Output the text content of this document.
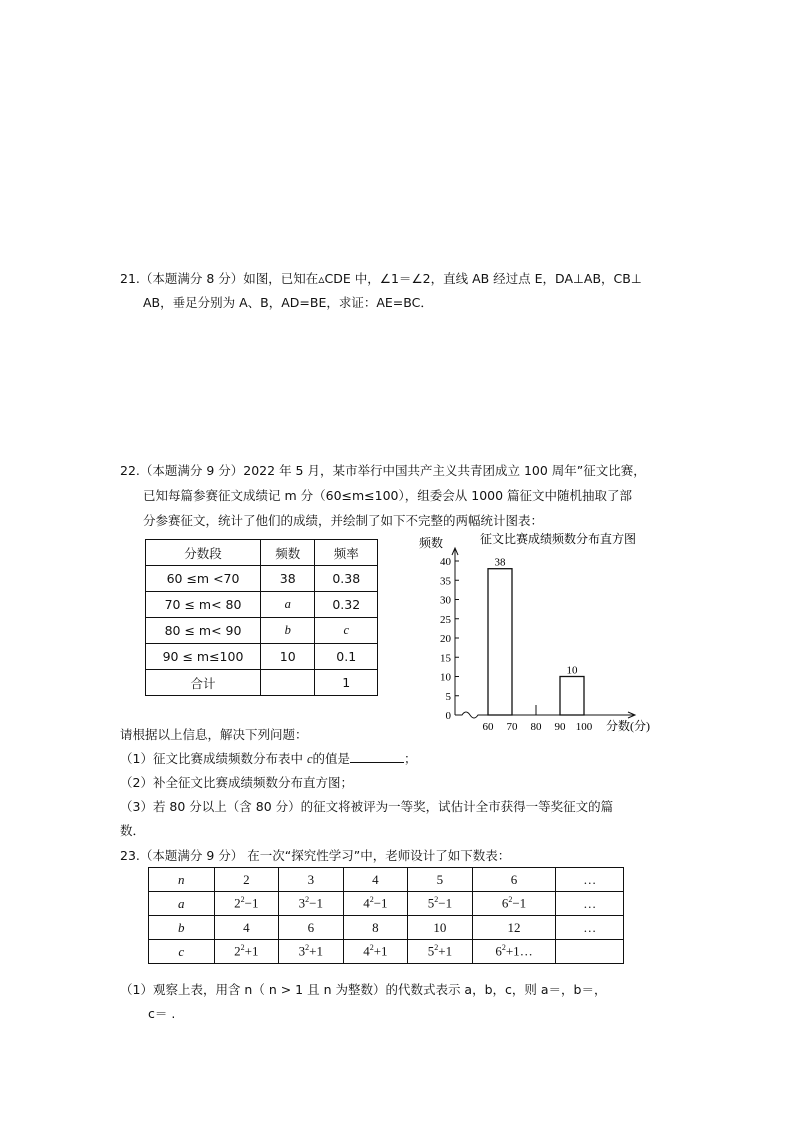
21.（本题满分 8 分）如图，已知在▵CDE 中，∠1＝∠2，直线 AB 经过点 E，DA⊥AB，CB⊥
AB，垂足分别为 A、B，AD=BE，求证：AE=BC．
22.（本题满分 9 分）2022 年 5 月，某市举行中国共产主义共青团成立 100 周年”征文比赛，
已知每篇参赛征文成绩记 m 分（60≤m≤100），组委会从 1000 篇征文中随机抽取了部
分参赛征文，统计了他们的成绩，并绘制了如下不完整的两幅统计图表：
分数段	频数	频率
60 ≤m <70	38	0.38
70 ≤ m< 80	a	0.32
80 ≤ m< 90	b	c
90 ≤ m≤100	10	0.1
合计		1
征文比赛成绩频数分布直方图
频数
分数(分)
0
5
10
15
20
25
30
35
40
60 70 80 90 100
38
10
请根据以上信息，解决下列问题：
（1）征文比赛成绩频数分布表中 c的值是	；
（2）补全征文比赛成绩频数分布直方图；
（3）若 80 分以上（含 80 分）的征文将被评为一等奖，试估计全市获得一等奖征文的篇
数．
23.（本题满分 9 分） 在一次“探究性学习”中，老师设计了如下数表：
n	2	3	4	5	6	…
a	$2^2-1$	$3^2-1$	$4^2-1$	$5^2-1$	$6^2-1$	…
b	4	6	8	10	12	…
c	$2^2+1$	$3^2+1$	$4^2+1$	$5^2+1$	$6^2+1\dots$	
（1）观察上表，用含 n（ n > 1 且 n 为整数）的代数式表示 a，b，c，则 a＝，b＝，
c＝ .
